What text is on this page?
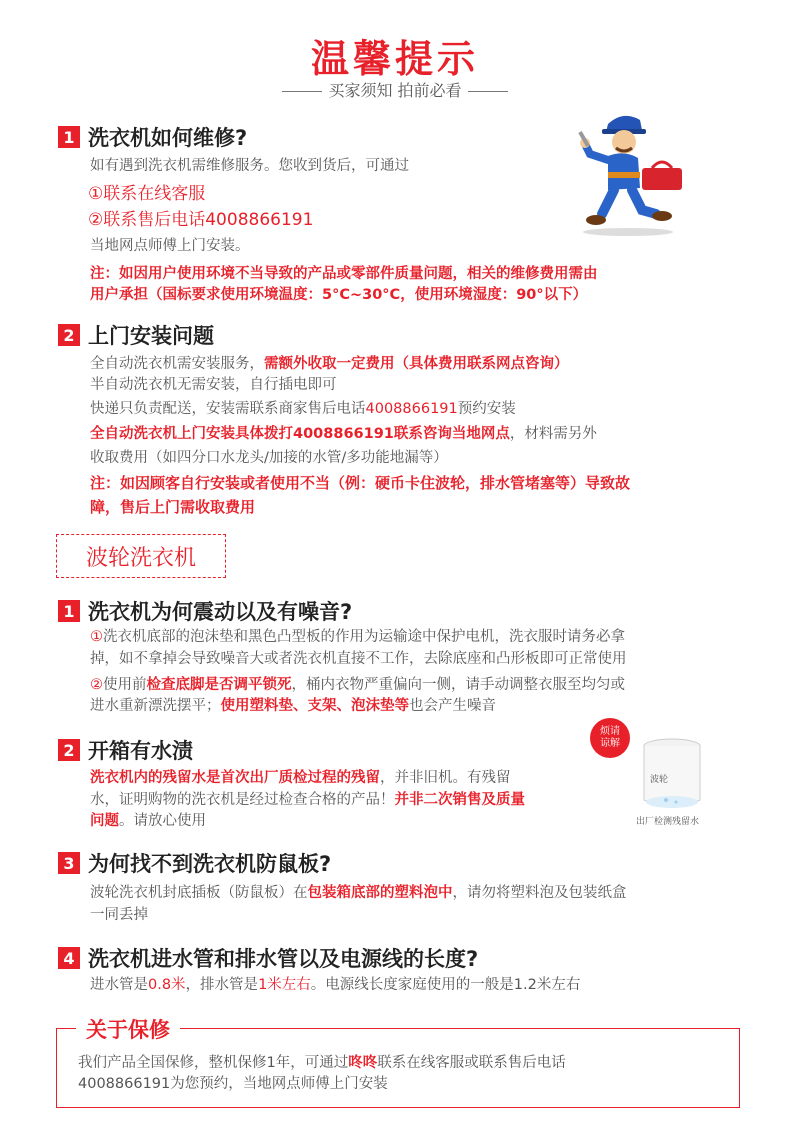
温馨提示
买家须知 拍前必看
1 洗衣机如何维修?
如有遇到洗衣机需维修服务。您收到货后，可通过
①联系在线客服
②联系售后电话4008866191
当地网点师傅上门安装。
注：如因用户使用环境不当导致的产品或零部件质量问题，相关的维修费用需由
用户承担（国标要求使用环境温度：5°C~30°C，使用环境湿度：90°以下）
2 上门安装问题
全自动洗衣机需安装服务，需额外收取一定费用（具体费用联系网点咨询）
半自动洗衣机无需安装，自行插电即可
快递只负责配送，安装需联系商家售后电话4008866191预约安装
全自动洗衣机上门安装具体拨打4008866191联系咨询当地网点，材料需另外
收取费用（如四分口水龙头/加接的水管/多功能地漏等）
注：如因顾客自行安装或者使用不当（例：硬币卡住波轮，排水管堵塞等）导致故
障，售后上门需收取费用
波轮洗衣机
1 洗衣机为何震动以及有噪音?
①洗衣机底部的泡沫垫和黑色凸型板的作用为运输途中保护电机，洗衣服时请务必拿
掉，如不拿掉会导致噪音大或者洗衣机直接不工作，去除底座和凸形板即可正常使用
②使用前检查底脚是否调平锁死，桶内衣物严重偏向一侧，请手动调整衣服至均匀或
进水重新漂洗摆平；使用塑料垫、支架、泡沫垫等也会产生噪音
2 开箱有水渍
洗衣机内的残留水是首次出厂质检过程的残留，并非旧机。有残留
水，证明购物的洗衣机是经过检查合格的产品！并非二次销售及质量
问题。请放心使用
烦请谅解
波轮
出厂检测残留水
3 为何找不到洗衣机防鼠板?
波轮洗衣机封底插板（防鼠板）在包装箱底部的塑料泡中，请勿将塑料泡及包装纸盒
一同丢掉
4 洗衣机进水管和排水管以及电源线的长度?
进水管是0.8米，排水管是1米左右。电源线长度家庭使用的一般是1.2米左右
关于保修
我们产品全国保修，整机保修1年，可通过咚咚联系在线客服或联系售后电话
4008866191为您预约，当地网点师傅上门安装
